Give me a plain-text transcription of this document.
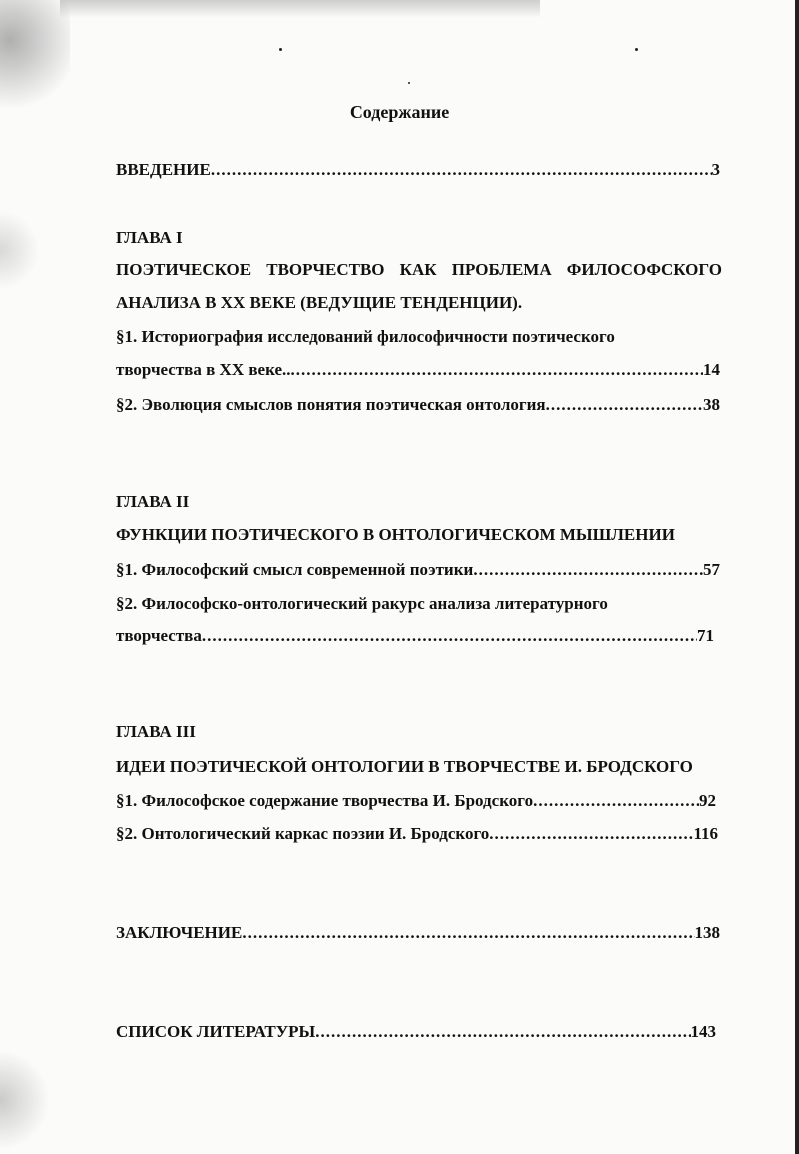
Содержание
ВВЕДЕНИЕ .....	3
ГЛАВА I
ПОЭТИЧЕСКОЕ ТВОРЧЕСТВО КАК ПРОБЛЕМА ФИЛОСОФСКОГО
АНАЛИЗА В XX ВЕКЕ (ВЕДУЩИЕ ТЕНДЕНЦИИ).
§1. Историография исследований философичности поэтического
творчества в XX веке.. .....	14
§2. Эволюция смыслов понятия поэтическая онтология .....	38
ГЛАВА II
ФУНКЦИИ ПОЭТИЧЕСКОГО В ОНТОЛОГИЧЕСКОМ МЫШЛЕНИИ
§1. Философский смысл современной поэтики .....	57
§2. Философско-онтологический ракурс анализа литературного
творчества .....	71
ГЛАВА III
ИДЕИ ПОЭТИЧЕСКОЙ ОНТОЛОГИИ В ТВОРЧЕСТВЕ И. БРОДСКОГО
§1. Философское содержание творчества И. Бродского .....	92
§2. Онтологический каркас поэзии И. Бродского .....	116
ЗАКЛЮЧЕНИЕ .....	138
СПИСОК ЛИТЕРАТУРЫ .....	143
